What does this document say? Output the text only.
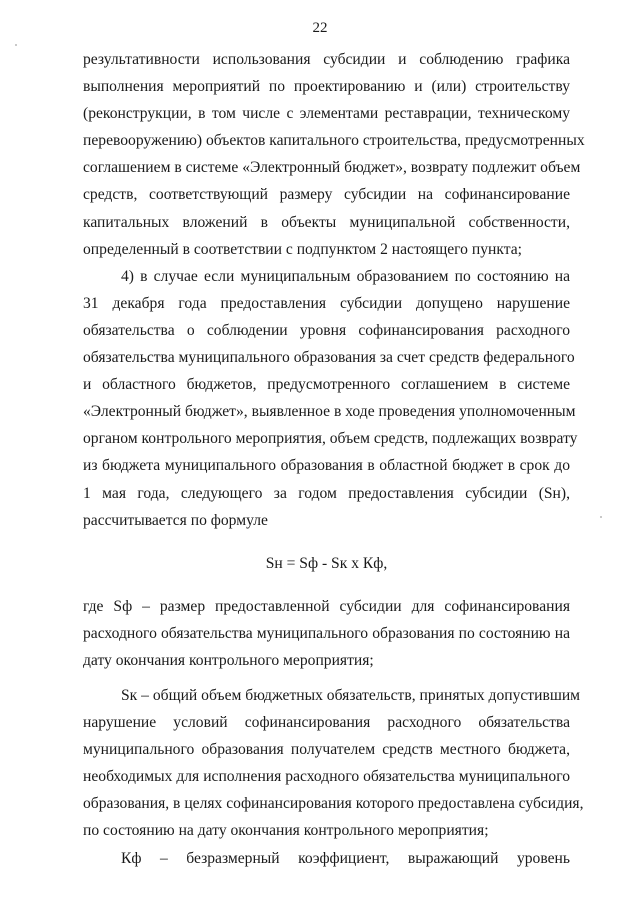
22
результативности использования субсидии и соблюдению графика
выполнения мероприятий по проектированию и (или) строительству
(реконструкции, в том числе с элементами реставрации, техническому
перевооружению) объектов капитального строительства, предусмотренных
соглашением в системе «Электронный бюджет», возврату подлежит объем
средств, соответствующий размеру субсидии на софинансирование
капитальных вложений в объекты муниципальной собственности,
определенный в соответствии с подпунктом 2 настоящего пункта;
4) в случае если муниципальным образованием по состоянию на
31 декабря года предоставления субсидии допущено нарушение
обязательства о соблюдении уровня софинансирования расходного
обязательства муниципального образования за счет средств федерального
и областного бюджетов, предусмотренного соглашением в системе
«Электронный бюджет», выявленное в ходе проведения уполномоченным
органом контрольного мероприятия, объем средств, подлежащих возврату
из бюджета муниципального образования в областной бюджет в срок до
1 мая года, следующего за годом предоставления субсидии (Sн),
рассчитывается по формуле
Sн = Sф - Sк х Кф,
где Sф – размер предоставленной субсидии для софинансирования
расходного обязательства муниципального образования по состоянию на
дату окончания контрольного мероприятия;
Sк – общий объем бюджетных обязательств, принятых допустившим
нарушение условий софинансирования расходного обязательства
муниципального образования получателем средств местного бюджета,
необходимых для исполнения расходного обязательства муниципального
образования, в целях софинансирования которого предоставлена субсидия,
по состоянию на дату окончания контрольного мероприятия;
Кф – безразмерный коэффициент, выражающий уровень
